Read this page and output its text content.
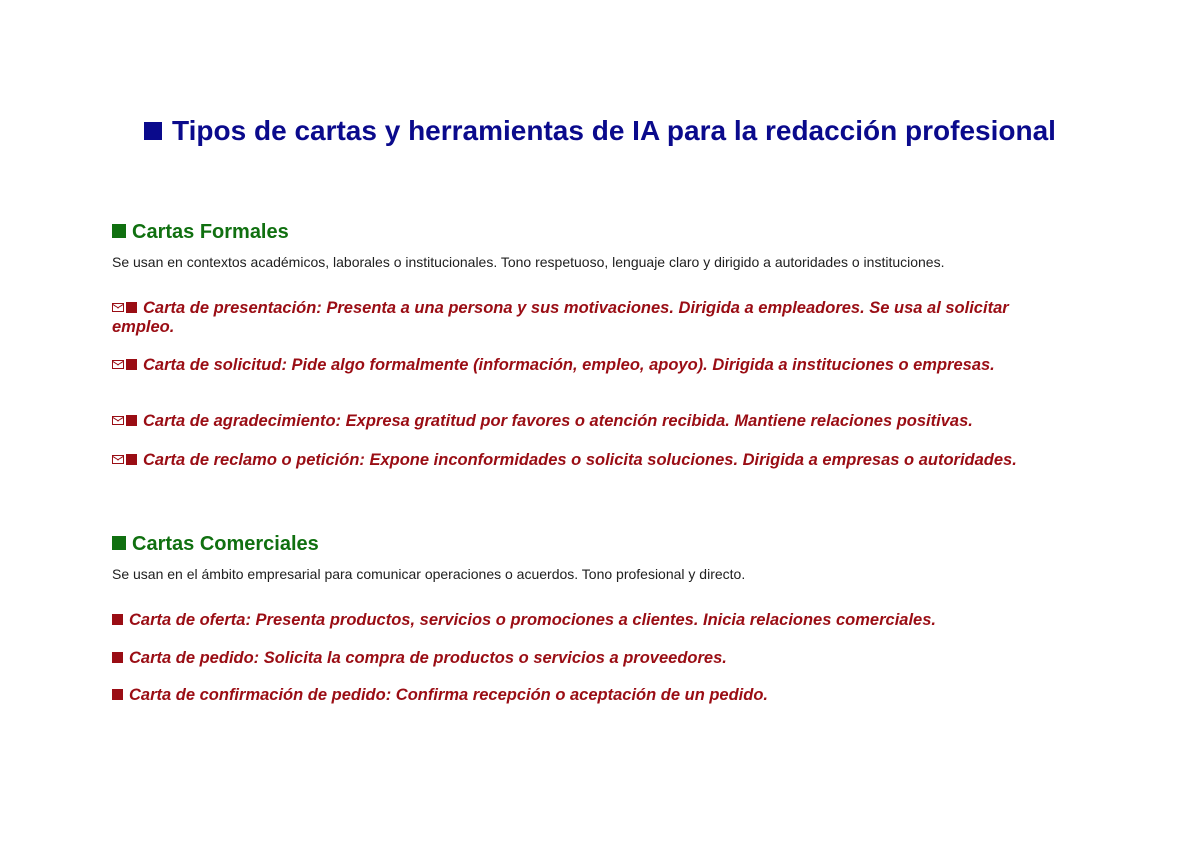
Tipos de cartas y herramientas de IA para la redacción profesional
Cartas Formales

Se usan en contextos académicos, laborales o institucionales. Tono respetuoso, lenguaje claro y dirigido a autoridades o instituciones.

Carta de presentación: Presenta a una persona y sus motivaciones. Dirigida a empleadores. Se usa al solicitar empleo.

Carta de solicitud: Pide algo formalmente (información, empleo, apoyo). Dirigida a instituciones o empresas.

Carta de agradecimiento: Expresa gratitud por favores o atención recibida. Mantiene relaciones positivas.

Carta de reclamo o petición: Expone inconformidades o solicita soluciones. Dirigida a empresas o autoridades.

Cartas Comerciales

Se usan en el ámbito empresarial para comunicar operaciones o acuerdos. Tono profesional y directo.

Carta de oferta: Presenta productos, servicios o promociones a clientes. Inicia relaciones comerciales.

Carta de pedido: Solicita la compra de productos o servicios a proveedores.

Carta de confirmación de pedido: Confirma recepción o aceptación de un pedido.
